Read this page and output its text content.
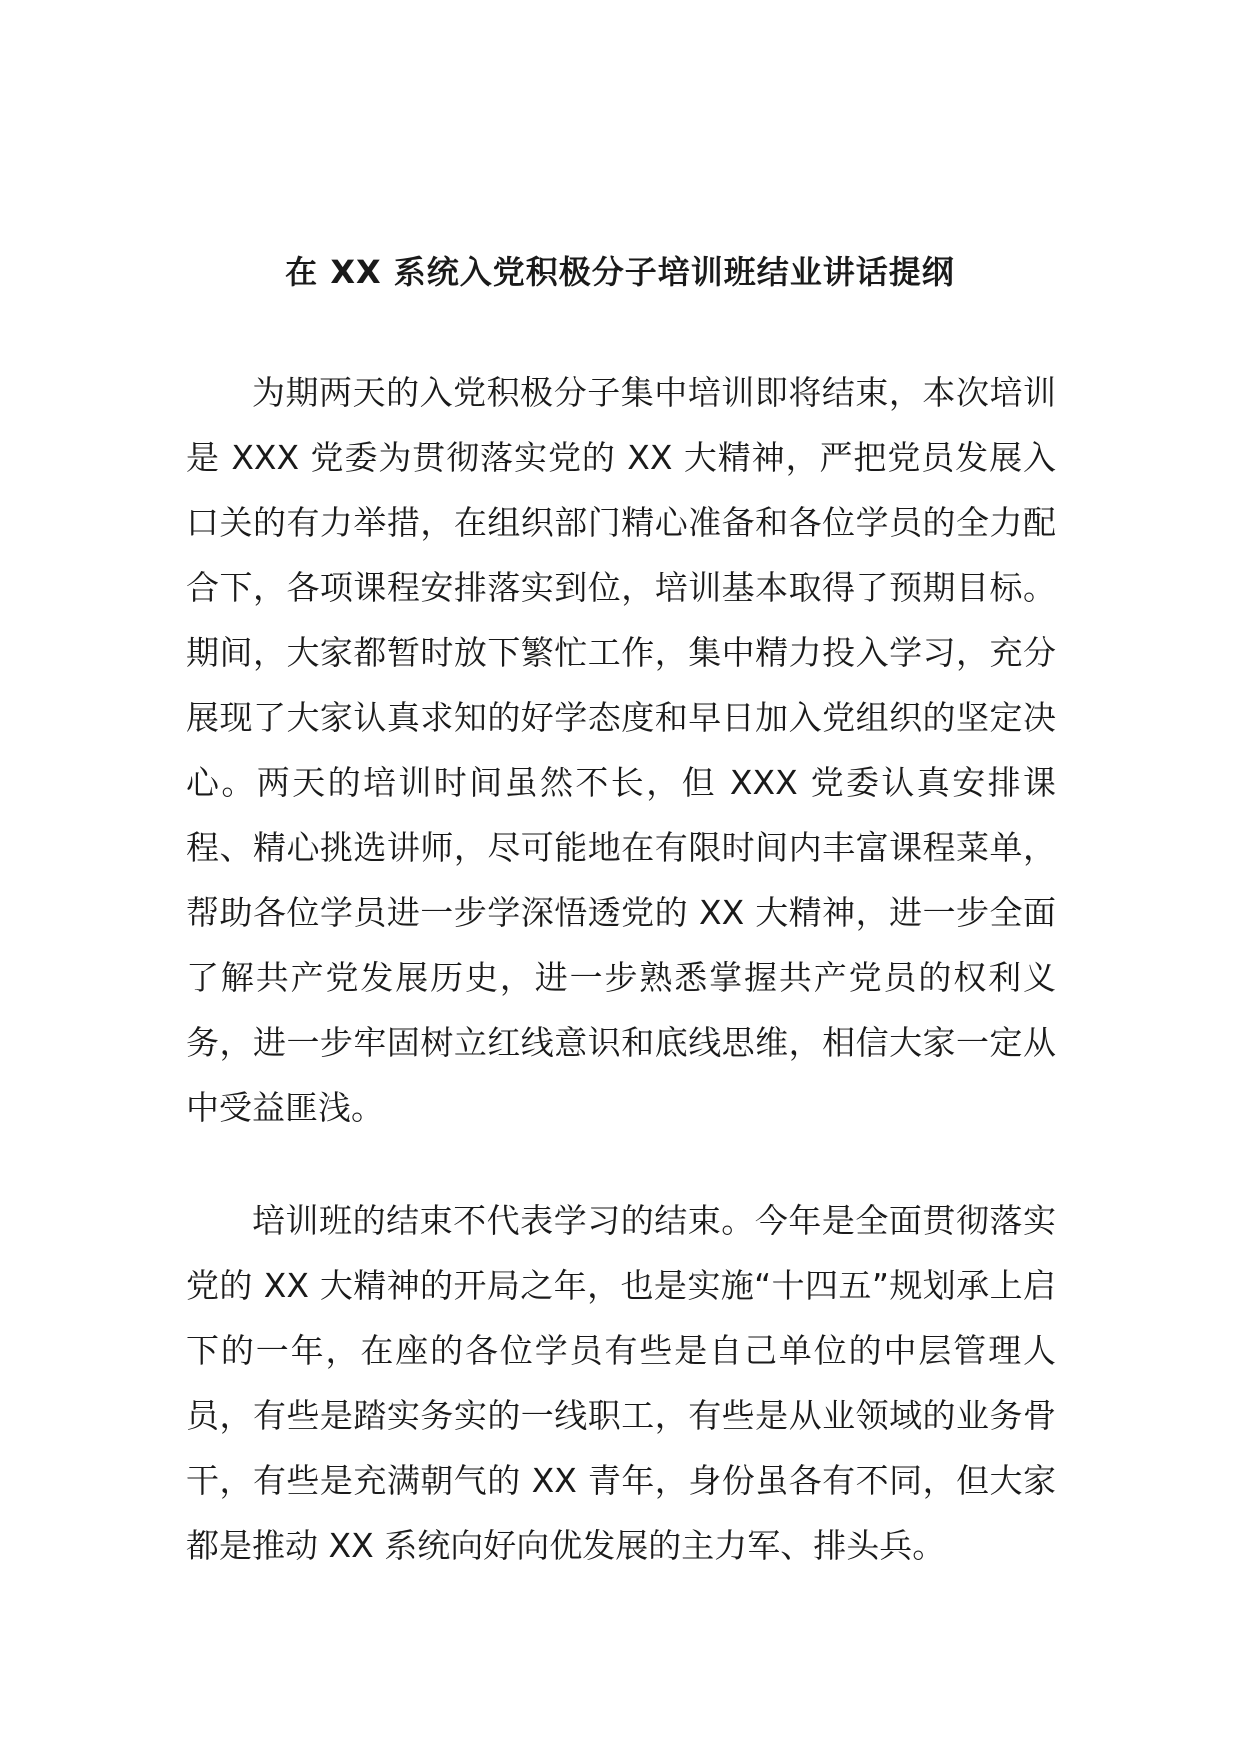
在 XX 系统入党积极分子培训班结业讲话提纲

为期两天的入党积极分子集中培训即将结束，本次培训是 XXX 党委为贯彻落实党的 XX 大精神，严把党员发展入口关的有力举措，在组织部门精心准备和各位学员的全力配合下，各项课程安排落实到位，培训基本取得了预期目标。期间，大家都暂时放下繁忙工作，集中精力投入学习，充分展现了大家认真求知的好学态度和早日加入党组织的坚定决心。两天的培训时间虽然不长，但 XXX 党委认真安排课程、精心挑选讲师，尽可能地在有限时间内丰富课程菜单，帮助各位学员进一步学深悟透党的 XX 大精神，进一步全面了解共产党发展历史，进一步熟悉掌握共产党员的权利义务，进一步牢固树立红线意识和底线思维，相信大家一定从中受益匪浅。

培训班的结束不代表学习的结束。今年是全面贯彻落实党的 XX 大精神的开局之年，也是实施“十四五”规划承上启下的一年，在座的各位学员有些是自己单位的中层管理人员，有些是踏实务实的一线职工，有些是从业领域的业务骨干，有些是充满朝气的 XX 青年，身份虽各有不同，但大家都是推动 XX 系统向好向优发展的主力军、排头兵。
